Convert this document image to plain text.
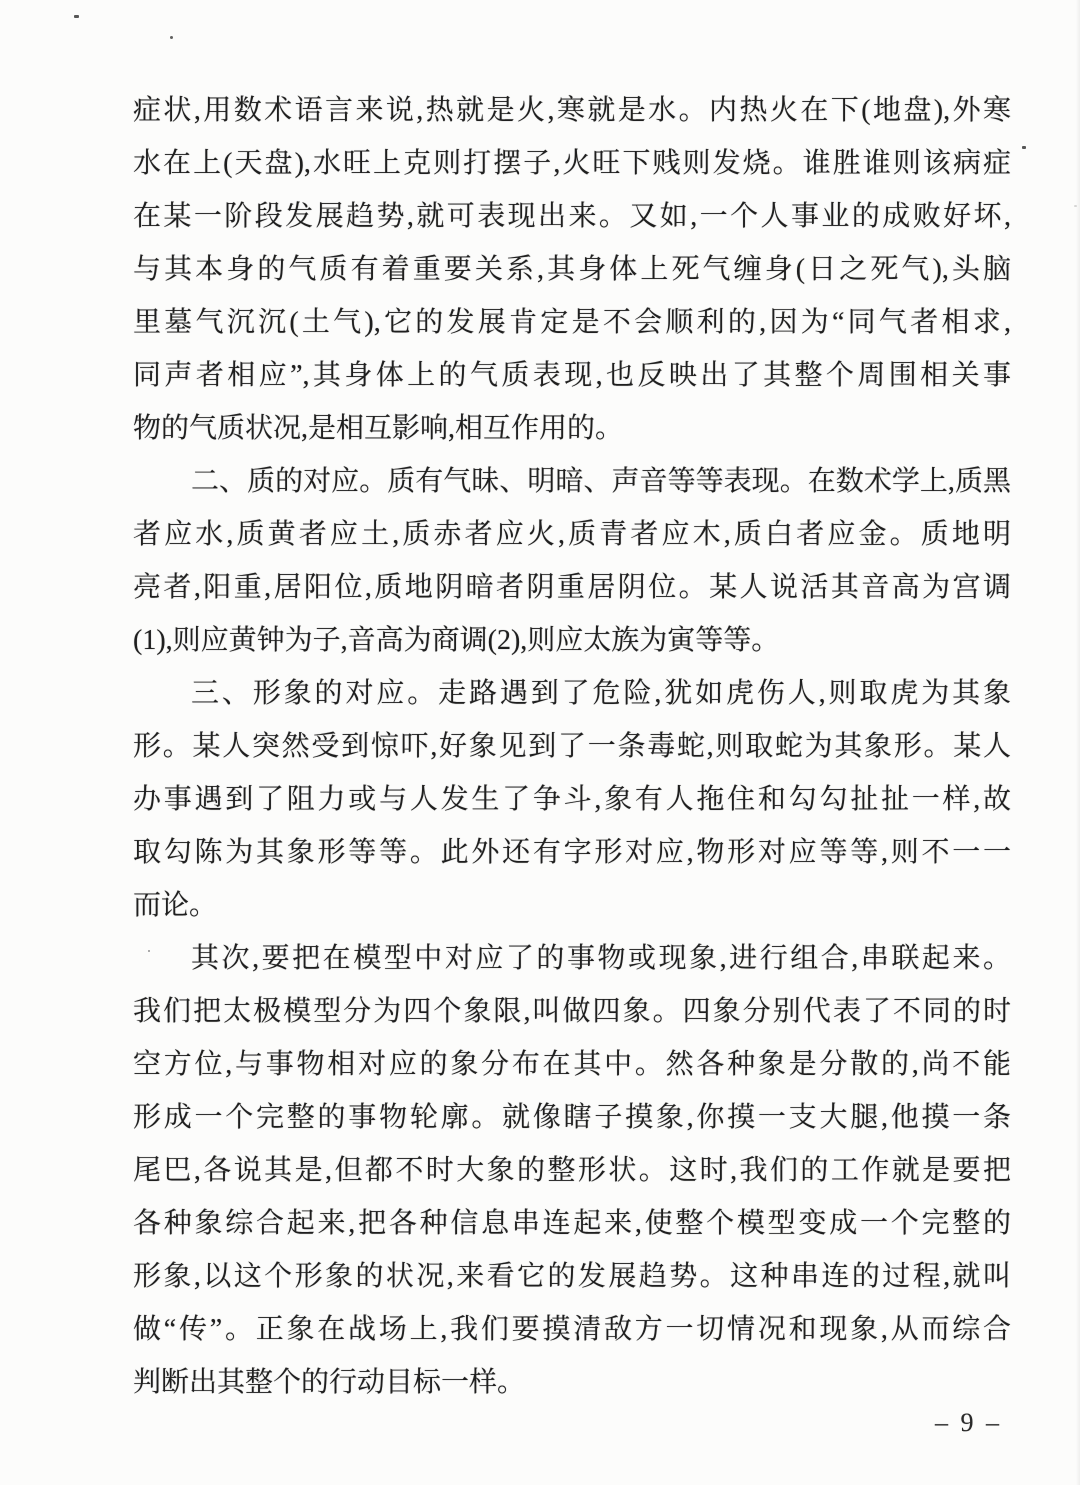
症状,用数术语言来说,热就是火,寒就是水。内热火在下(地盘),外寒
水在上(天盘),水旺上克则打摆子,火旺下贱则发烧。谁胜谁则该病症
在某一阶段发展趋势,就可表现出来。又如,一个人事业的成败好坏,
与其本身的气质有着重要关系,其身体上死气缠身(日之死气),头脑
里墓气沉沉(土气),它的发展肯定是不会顺利的,因为“同气者相求,
同声者相应”,其身体上的气质表现,也反映出了其整个周围相关事
物的气质状况,是相互影响,相互作用的。
二、质的对应。质有气昧、明暗、声音等等表现。在数术学上,质黑
者应水,质黄者应土,质赤者应火,质青者应木,质白者应金。质地明
亮者,阳重,居阳位,质地阴暗者阴重居阴位。某人说活其音高为宫调
(1),则应黄钟为子,音高为商调(2),则应太族为寅等等。
三、形象的对应。走路遇到了危险,犹如虎伤人,则取虎为其象
形。某人突然受到惊吓,好象见到了一条毒蛇,则取蛇为其象形。某人
办事遇到了阻力或与人发生了争斗,象有人拖住和勾勾扯扯一样,故
取勾陈为其象形等等。此外还有字形对应,物形对应等等,则不一一
而论。
其次,要把在模型中对应了的事物或现象,进行组合,串联起来。
我们把太极模型分为四个象限,叫做四象。四象分别代表了不同的时
空方位,与事物相对应的象分布在其中。然各种象是分散的,尚不能
形成一个完整的事物轮廓。就像瞎子摸象,你摸一支大腿,他摸一条
尾巴,各说其是,但都不时大象的整形状。这时,我们的工作就是要把
各种象综合起来,把各种信息串连起来,使整个模型变成一个完整的
形象,以这个形象的状况,来看它的发展趋势。这种串连的过程,就叫
做“传”。正象在战场上,我们要摸清敌方一切情况和现象,从而综合
判断出其整个的行动目标一样。
– 9 –
